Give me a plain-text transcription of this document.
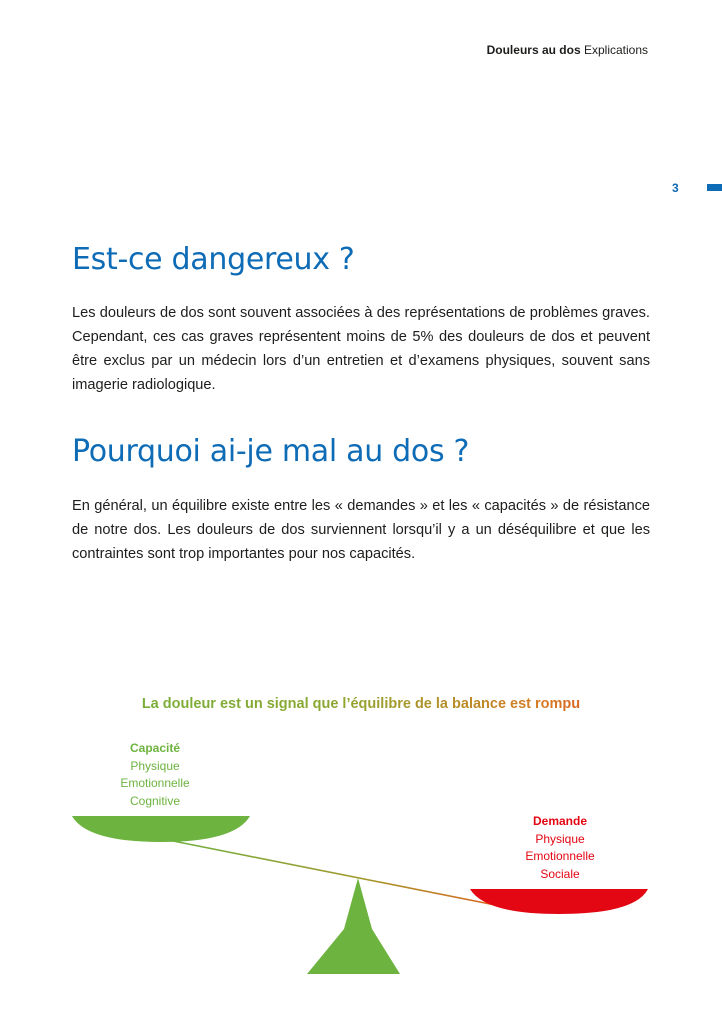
Douleurs au dos Explications
3
Est-ce dangereux ?

Les douleurs de dos sont souvent associées à des représentations de problèmes graves. Cependant, ces cas graves représentent moins de 5% des douleurs de dos et peuvent être exclus par un médecin lors d’un entretien et d’examens physiques, souvent sans imagerie radiologique.

Pourquoi ai-je mal au dos ?

En général, un équilibre existe entre les « demandes » et les « capacités » de résistance de notre dos. Les douleurs de dos surviennent lorsqu’il y a un déséquilibre et que les contraintes sont trop importantes pour nos capacités.

La douleur est un signal que l’équilibre de la balance est rompu
Capacité
Physique
Emotionnelle
Cognitive
Demande
Physique
Emotionnelle
Sociale
